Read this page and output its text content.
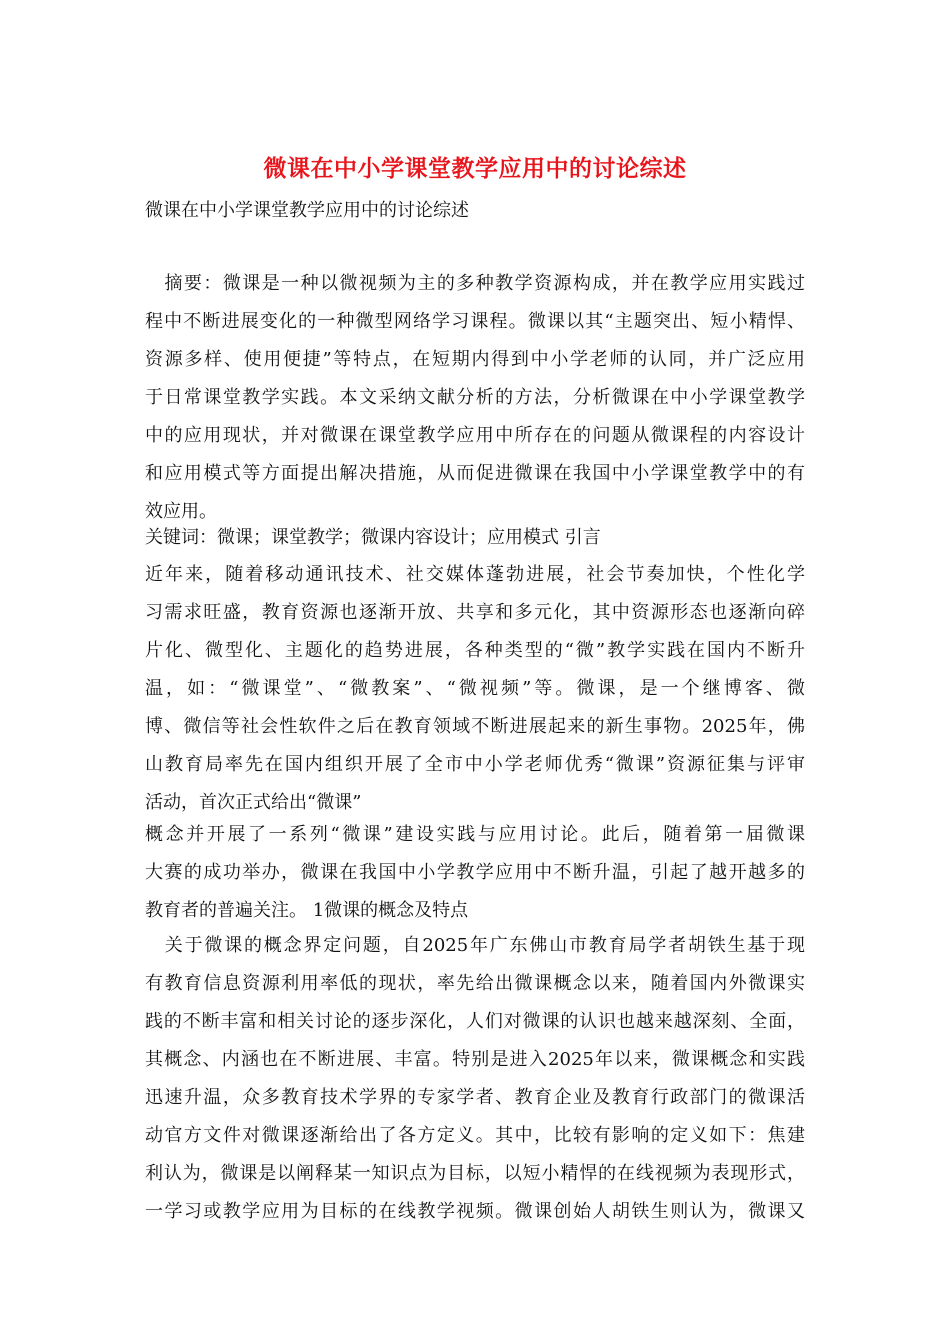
微课在中小学课堂教学应用中的讨论综述
微课在中小学课堂教学应用中的讨论综述
　摘要：微课是一种以微视频为主的多种教学资源构成，并在教学应用实践过
程中不断进展变化的一种微型网络学习课程。微课以其“主题突出、短小精悍、
资源多样、使用便捷”等特点，在短期内得到中小学老师的认同，并广泛应用
于日常课堂教学实践。本文采纳文献分析的方法，分析微课在中小学课堂教学
中的应用现状，并对微课在课堂教学应用中所存在的问题从微课程的内容设计
和应用模式等方面提出解决措施，从而促进微课在我国中小学课堂教学中的有
效应用。
关键词：微课；课堂教学；微课内容设计；应用模式 引言
近年来，随着移动通讯技术、社交媒体蓬勃进展，社会节奏加快，个性化学
习需求旺盛，教育资源也逐渐开放、共享和多元化，其中资源形态也逐渐向碎
片化、微型化、主题化的趋势进展，各种类型的“微”教学实践在国内不断升
温，如：“微课堂”、“微教案”、“微视频”等。微课，是一个继博客、微
博、微信等社会性软件之后在教育领域不断进展起来的新生事物。2025年，佛
山教育局率先在国内组织开展了全市中小学老师优秀“微课”资源征集与评审
活动，首次正式给出“微课”
概念并开展了一系列“微课”建设实践与应用讨论。此后，随着第一届微课
大赛的成功举办，微课在我国中小学教学应用中不断升温，引起了越开越多的
教育者的普遍关注。 1微课的概念及特点
　关于微课的概念界定问题，自2025年广东佛山市教育局学者胡铁生基于现
有教育信息资源利用率低的现状，率先给出微课概念以来，随着国内外微课实
践的不断丰富和相关讨论的逐步深化，人们对微课的认识也越来越深刻、全面，
其概念、内涵也在不断进展、丰富。特别是进入2025年以来，微课概念和实践
迅速升温，众多教育技术学界的专家学者、教育企业及教育行政部门的微课活
动官方文件对微课逐渐给出了各方定义。其中，比较有影响的定义如下：焦建
利认为，微课是以阐释某一知识点为目标，以短小精悍的在线视频为表现形式，
一学习或教学应用为目标的在线教学视频。微课创始人胡铁生则认为，微课又
